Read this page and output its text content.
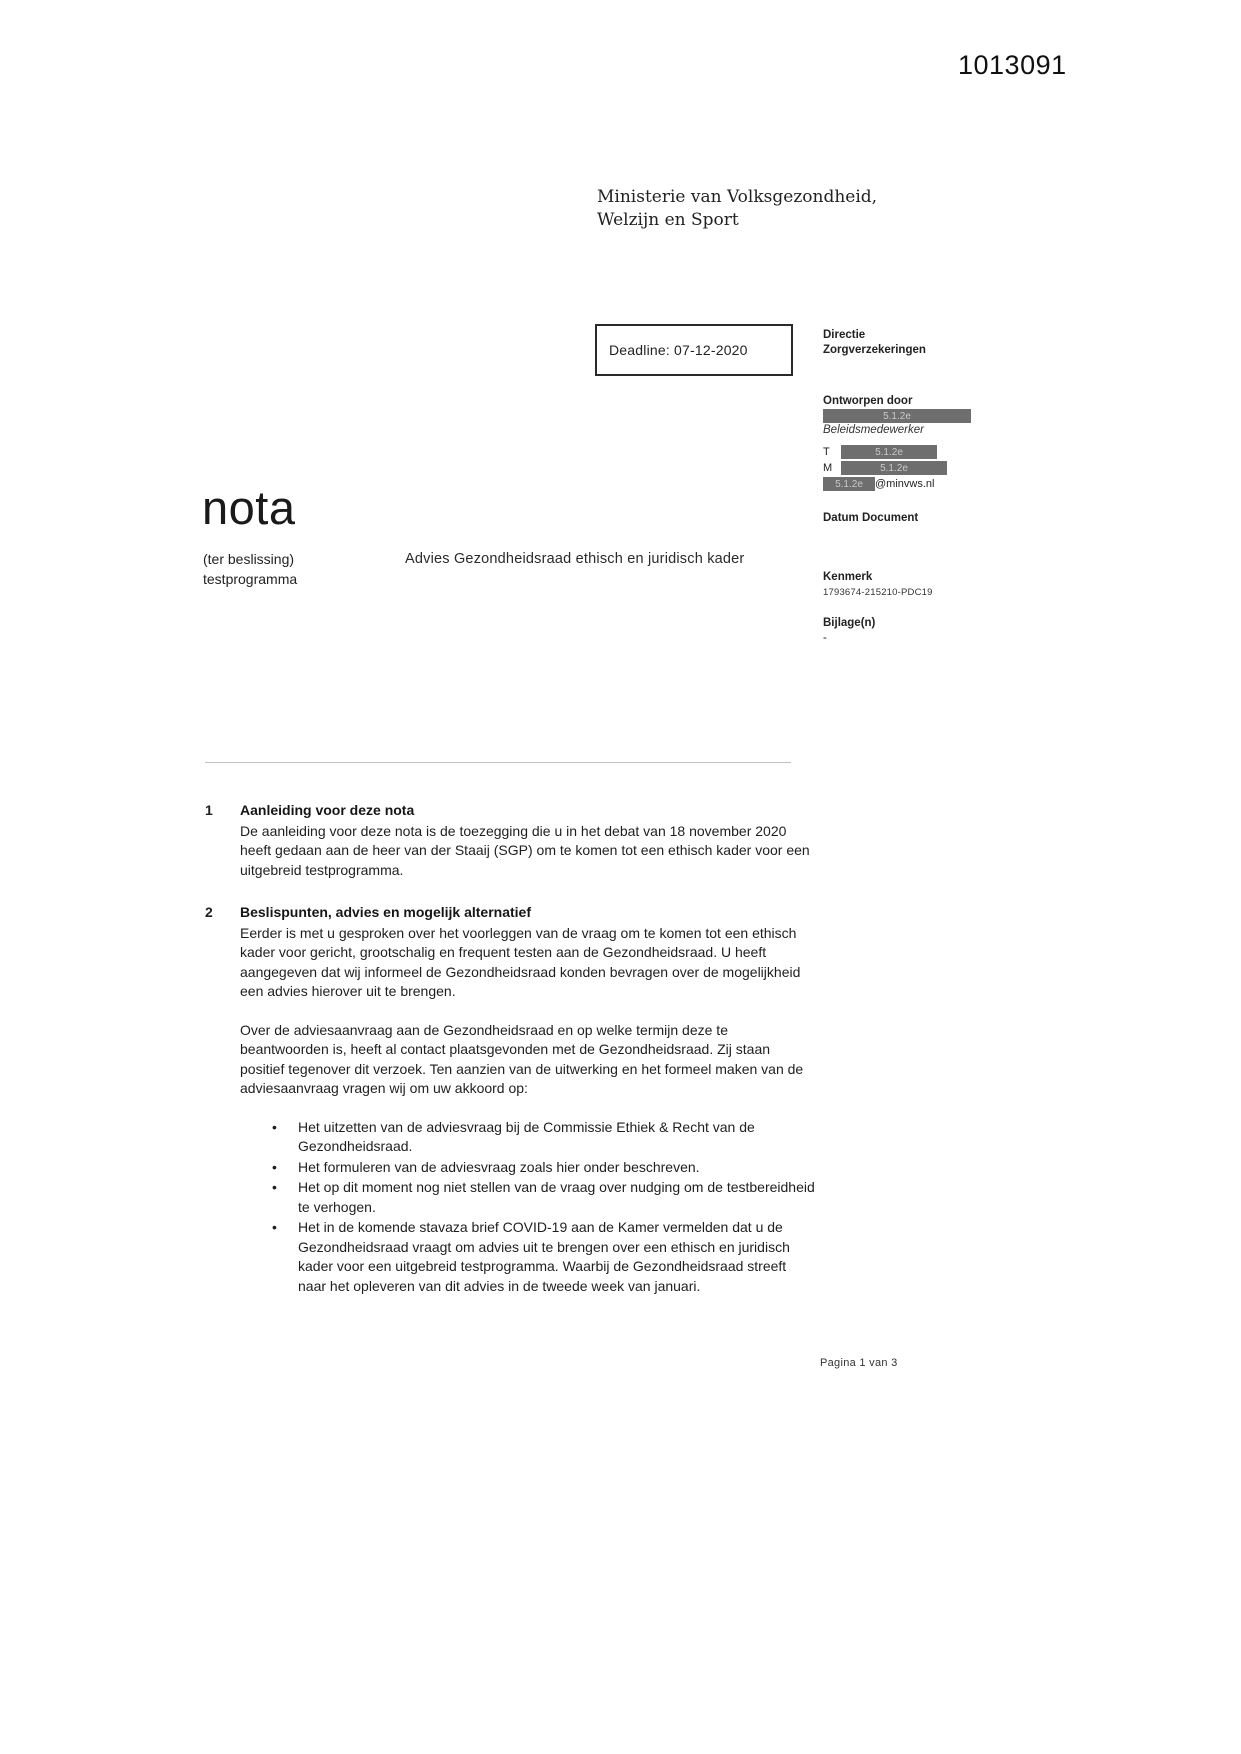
1013091
Ministerie van Volksgezondheid,
Welzijn en Sport
Deadline: 07-12-2020
Directie
Zorgverzekeringen
Ontworpen door
5.1.2e
Beleidsmedewerker
T	5.1.2e
M	5.1.2e
5.1.2e	@minvws.nl
Datum Document
Kenmerk
1793674-215210-PDC19
Bijlage(n)
-
nota
(ter beslissing)
testprogramma
Advies Gezondheidsraad ethisch en juridisch kader
1	Aanleiding voor deze nota

De aanleiding voor deze nota is de toezegging die u in het debat van 18 november 2020 heeft gedaan aan de heer van der Staaij (SGP) om te komen tot een ethisch kader voor een uitgebreid testprogramma.

2	Beslispunten, advies en mogelijk alternatief

Eerder is met u gesproken over het voorleggen van de vraag om te komen tot een ethisch kader voor gericht, grootschalig en frequent testen aan de Gezondheidsraad. U heeft aangegeven dat wij informeel de Gezondheidsraad konden bevragen over de mogelijkheid een advies hierover uit te brengen.

Over de adviesaanvraag aan de Gezondheidsraad en op welke termijn deze te beantwoorden is, heeft al contact plaatsgevonden met de Gezondheidsraad. Zij staan positief tegenover dit verzoek. Ten aanzien van de uitwerking en het formeel maken van de adviesaanvraag vragen wij om uw akkoord op:

• Het uitzetten van de adviesvraag bij de Commissie Ethiek & Recht van de Gezondheidsraad.
• Het formuleren van de adviesvraag zoals hier onder beschreven.
• Het op dit moment nog niet stellen van de vraag over nudging om de testbereidheid te verhogen.
• Het in de komende stavaza brief COVID-19 aan de Kamer vermelden dat u de Gezondheidsraad vraagt om advies uit te brengen over een ethisch en juridisch kader voor een uitgebreid testprogramma. Waarbij de Gezondheidsraad streeft naar het opleveren van dit advies in de tweede week van januari.
Pagina 1 van 3
